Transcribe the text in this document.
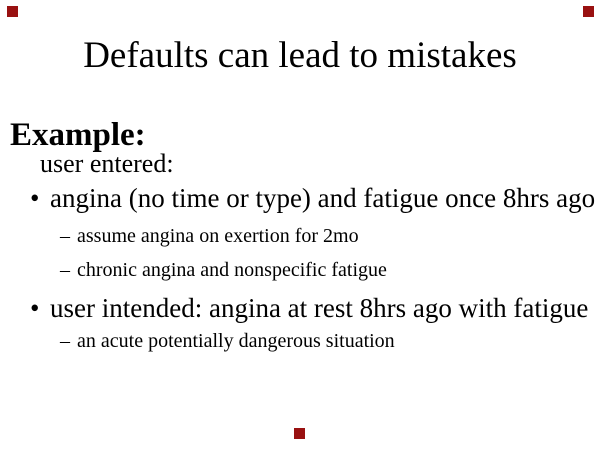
Defaults can lead to mistakes
Example:
user entered:
• angina (no time or type) and fatigue once 8hrs ago
– assume angina on exertion for 2mo
– chronic angina and nonspecific fatigue
• user intended: angina at rest 8hrs ago with fatigue
– an acute potentially dangerous situation
